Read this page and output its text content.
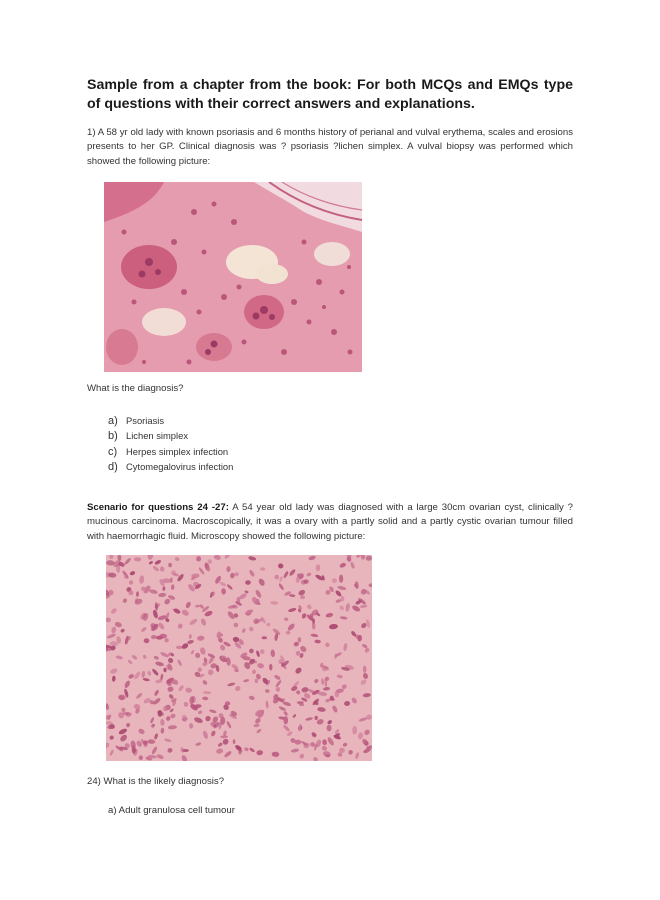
Sample from a chapter from the book: For both MCQs and EMQs type of questions with their correct answers and explanations.

1) A 58 yr old lady with known psoriasis and 6 months history of perianal and vulval erythema, scales and erosions presents to her GP. Clinical diagnosis was ? psoriasis ?lichen simplex. A vulval biopsy was performed which showed the following picture:

What is the diagnosis?

a) Psoriasis
b) Lichen simplex
c) Herpes simplex infection
d) Cytomegalovirus infection

Scenario for questions 24 -27: A 54 year old lady was diagnosed with a large 30cm ovarian cyst, clinically ?mucinous carcinoma. Macroscopically, it was a ovary with a partly solid and a partly cystic ovarian tumour filled with haemorrhagic fluid. Microscopy showed the following picture:

24) What is the likely diagnosis?

a) Adult granulosa cell tumour
